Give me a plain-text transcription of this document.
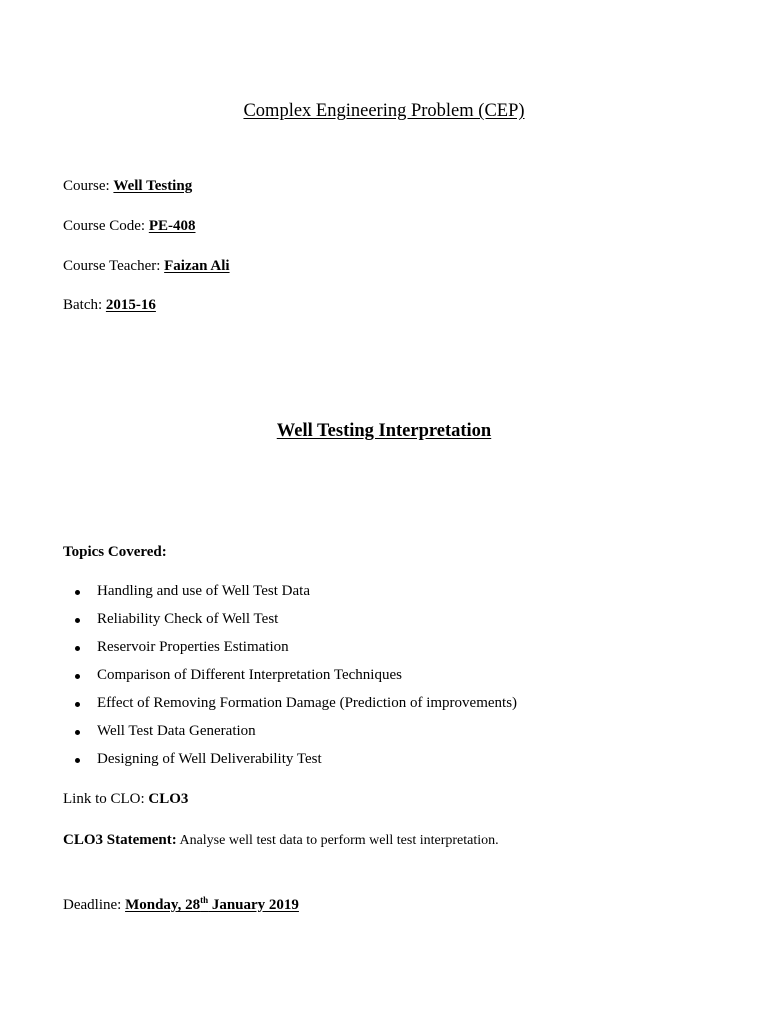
Complex Engineering Problem (CEP)
Course: Well Testing
Course Code: PE-408
Course Teacher: Faizan Ali
Batch: 2015-16
Well Testing Interpretation
Topics Covered:
Handling and use of Well Test Data
Reliability Check of Well Test
Reservoir Properties Estimation
Comparison of Different Interpretation Techniques
Effect of Removing Formation Damage (Prediction of improvements)
Well Test Data Generation
Designing of Well Deliverability Test
Link to CLO: CLO3
CLO3 Statement: Analyse well test data to perform well test interpretation.
Deadline: Monday, 28th January 2019
